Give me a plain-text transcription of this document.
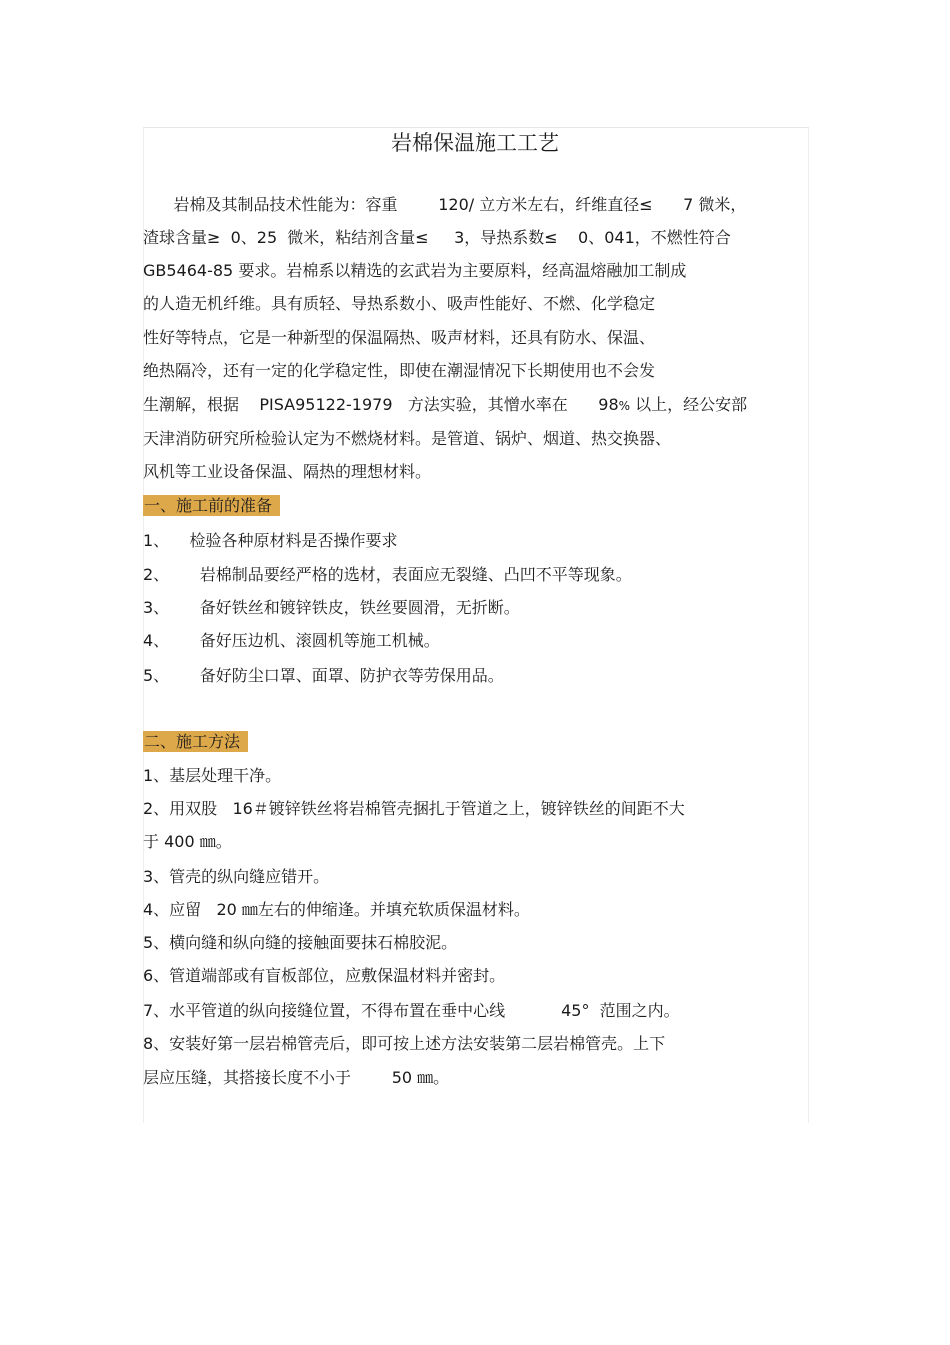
岩棉保温施工工艺
岩棉及其制品技术性能为：容重        120/ 立方米左右，纤维直径≤      7 微米，
渣球含量≥  0、25  微米，粘结剂含量≤     3，导热系数≤    0、041，不燃性符合
GB5464-85 要求。岩棉系以精选的玄武岩为主要原料，经高温熔融加工制成
的人造无机纤维。具有质轻、导热系数小、吸声性能好、不燃、化学稳定
性好等特点，它是一种新型的保温隔热、吸声材料，还具有防水、保温、
绝热隔冷，还有一定的化学稳定性，即使在潮湿情况下长期使用也不会发
生潮解，根据    PISA95122-1979   方法实验，其憎水率在      98% 以上，经公安部
天津消防研究所检验认定为不燃烧材料。是管道、锅炉、烟道、热交换器、
风机等工业设备保温、隔热的理想材料。
一、施工前的准备
1、    检验各种原材料是否操作要求
2、      岩棉制品要经严格的选材，表面应无裂缝、凸凹不平等现象。
3、      备好铁丝和镀锌铁皮，铁丝要圆滑，无折断。
4、      备好压边机、滚圆机等施工机械。
5、      备好防尘口罩、面罩、防护衣等劳保用品。
二、施工方法
1、基层处理干净。
2、用双股   16＃镀锌铁丝将岩棉管壳捆扎于管道之上，镀锌铁丝的间距不大
于 400 ㎜。
3、管壳的纵向缝应错开。
4、应留   20 ㎜左右的伸缩逢。并填充软质保温材料。
5、横向缝和纵向缝的接触面要抹石棉胶泥。
6、管道端部或有盲板部位，应敷保温材料并密封。
7、水平管道的纵向接缝位置，不得布置在垂中心线           45°  范围之内。
8、安装好第一层岩棉管壳后，即可按上述方法安装第二层岩棉管壳。上下
层应压缝，其搭接长度不小于        50 ㎜。
